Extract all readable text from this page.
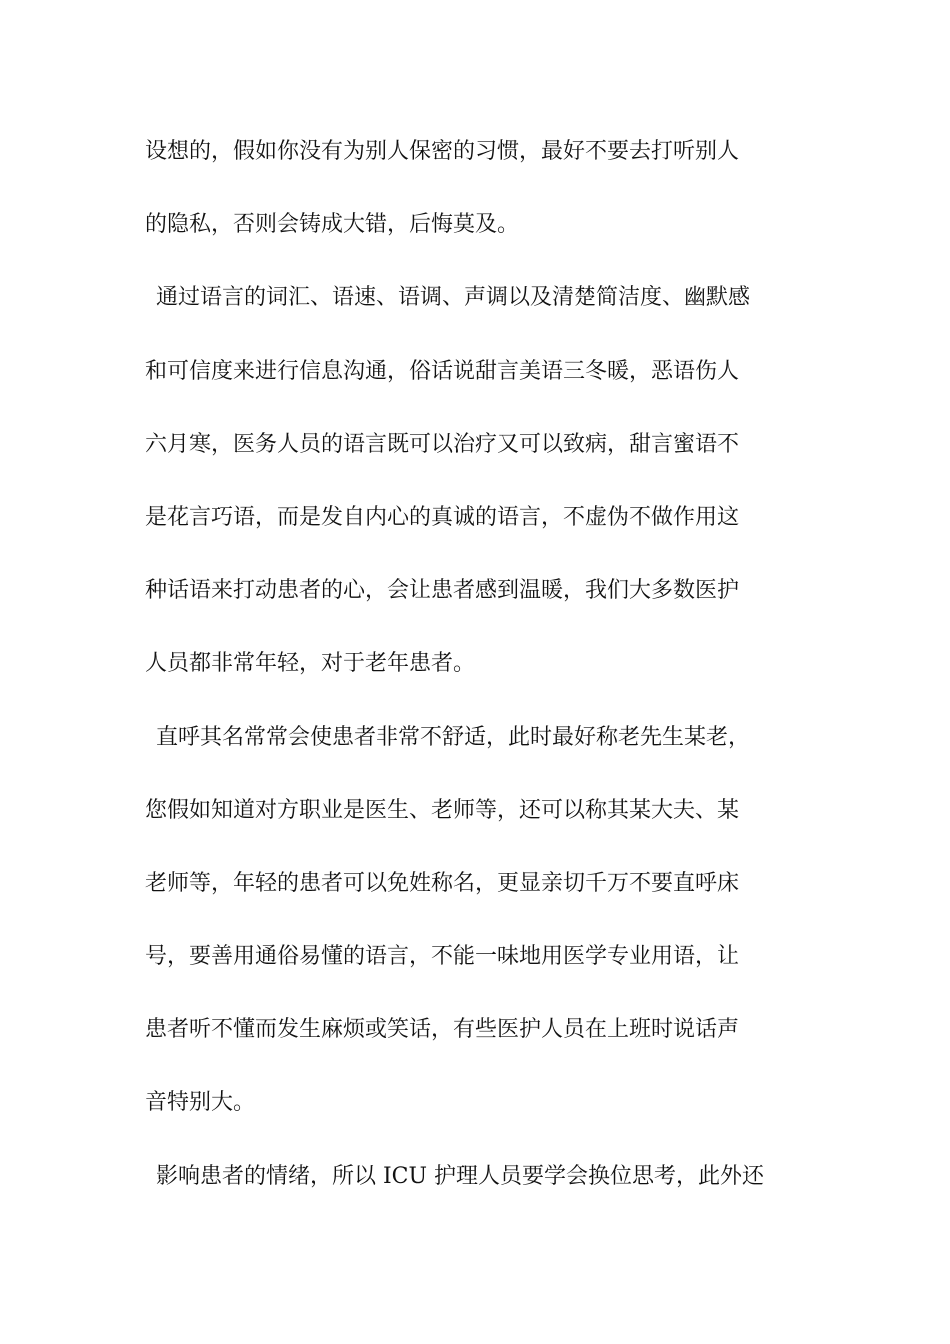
设想的，假如你没有为别人保密的习惯，最好不要去打听别人
的隐私，否则会铸成大错，后悔莫及。
通过语言的词汇、语速、语调、声调以及清楚简洁度、幽默感
和可信度来进行信息沟通，俗话说甜言美语三冬暖，恶语伤人
六月寒，医务人员的语言既可以治疗又可以致病，甜言蜜语不
是花言巧语，而是发自内心的真诚的语言，不虚伪不做作用这
种话语来打动患者的心，会让患者感到温暖，我们大多数医护
人员都非常年轻，对于老年患者。
直呼其名常常会使患者非常不舒适，此时最好称老先生某老，
您假如知道对方职业是医生、老师等，还可以称其某大夫、某
老师等，年轻的患者可以免姓称名，更显亲切千万不要直呼床
号，要善用通俗易懂的语言，不能一味地用医学专业用语，让
患者听不懂而发生麻烦或笑话，有些医护人员在上班时说话声
音特别大。
影响患者的情绪，所以 ICU 护理人员要学会换位思考，此外还
